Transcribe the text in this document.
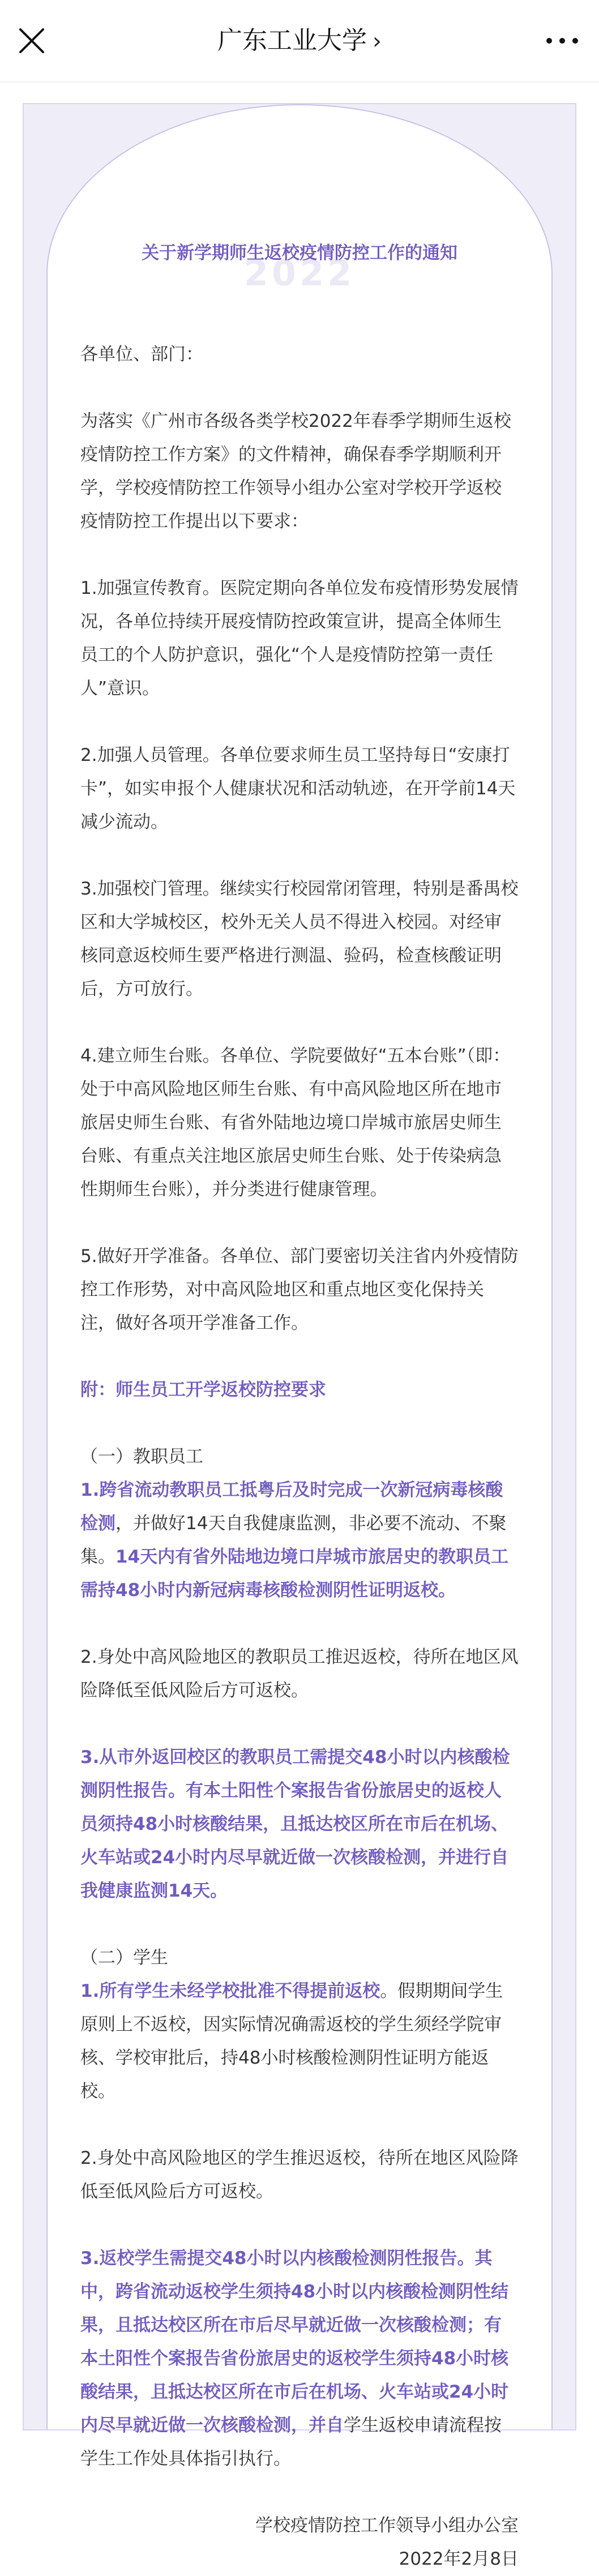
广东工业大学 ›
2022
关于新学期师生返校疫情防控工作的通知

各单位、部门：

为落实《广州市各级各类学校2022年春季学期师生返校疫情防控工作方案》的文件精神，确保春季学期顺利开学，学校疫情防控工作领导小组办公室对学校开学返校疫情防控工作提出以下要求：

1.加强宣传教育。医院定期向各单位发布疫情形势发展情况，各单位持续开展疫情防控政策宣讲，提高全体师生员工的个人防护意识，强化“个人是疫情防控第一责任人”意识。

2.加强人员管理。各单位要求师生员工坚持每日“安康打卡”，如实申报个人健康状况和活动轨迹，在开学前14天减少流动。

3.加强校门管理。继续实行校园常闭管理，特别是番禺校区和大学城校区，校外无关人员不得进入校园。对经审核同意返校师生要严格进行测温、验码，检查核酸证明后，方可放行。

4.建立师生台账。各单位、学院要做好“五本台账”（即：处于中高风险地区师生台账、有中高风险地区所在地市旅居史师生台账、有省外陆地边境口岸城市旅居史师生台账、有重点关注地区旅居史师生台账、处于传染病急性期师生台账），并分类进行健康管理。

5.做好开学准备。各单位、部门要密切关注省内外疫情防控工作形势，对中高风险地区和重点地区变化保持关注，做好各项开学准备工作。

附：师生员工开学返校防控要求

（一）教职员工

1.跨省流动教职员工抵粤后及时完成一次新冠病毒核酸检测，并做好14天自我健康监测，非必要不流动、不聚集。14天内有省外陆地边境口岸城市旅居史的教职员工需持48小时内新冠病毒核酸检测阴性证明返校。

2.身处中高风险地区的教职员工推迟返校，待所在地区风险降低至低风险后方可返校。

3.从市外返回校区的教职员工需提交48小时以内核酸检测阴性报告。有本土阳性个案报告省份旅居史的返校人员须持48小时核酸结果，且抵达校区所在市后在机场、火车站或24小时内尽早就近做一次核酸检测，并进行自我健康监测14天。

（二）学生

1.所有学生未经学校批准不得提前返校。假期期间学生原则上不返校，因实际情况确需返校的学生须经学院审核、学校审批后，持48小时核酸检测阴性证明方能返校。

2.身处中高风险地区的学生推迟返校，待所在地区风险降低至低风险后方可返校。

3.返校学生需提交48小时以内核酸检测阴性报告。其中，跨省流动返校学生须持48小时以内核酸检测阴性结果，且抵达校区所在市后尽早就近做一次核酸检测；有本土阳性个案报告省份旅居史的返校学生须持48小时核酸结果，且抵达校区所在市后在机场、火车站或24小时内尽早就近做一次核酸检测，并自学生返校申请流程按学生工作处具体指引执行。

学校疫情防控工作领导小组办公室

2022年2月8日
